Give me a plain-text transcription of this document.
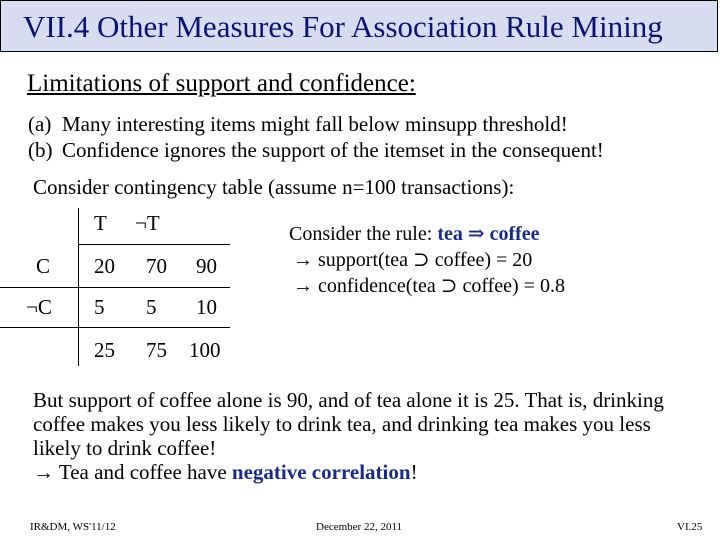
VII.4 Other Measures For Association Rule Mining
Limitations of support and confidence:
(a) Many interesting items might fall below minsupp threshold!
(b) Confidence ignores the support of the itemset in the consequent!
Consider contingency table (assume n=100 transactions):
T ¬T
C 20 70 90
¬C 5 5 10
25 75 100
Consider the rule: tea ⇒ coffee
→ support(tea ⊃ coffee) = 20
→ confidence(tea ⊃ coffee) = 0.8
But support of coffee alone is 90, and of tea alone it is 25. That is, drinking coffee makes you less likely to drink tea, and drinking tea makes you less likely to drink coffee!
→ Tea and coffee have negative correlation!
IR&DM, WS'11/12	December 22, 2011	VI.25
